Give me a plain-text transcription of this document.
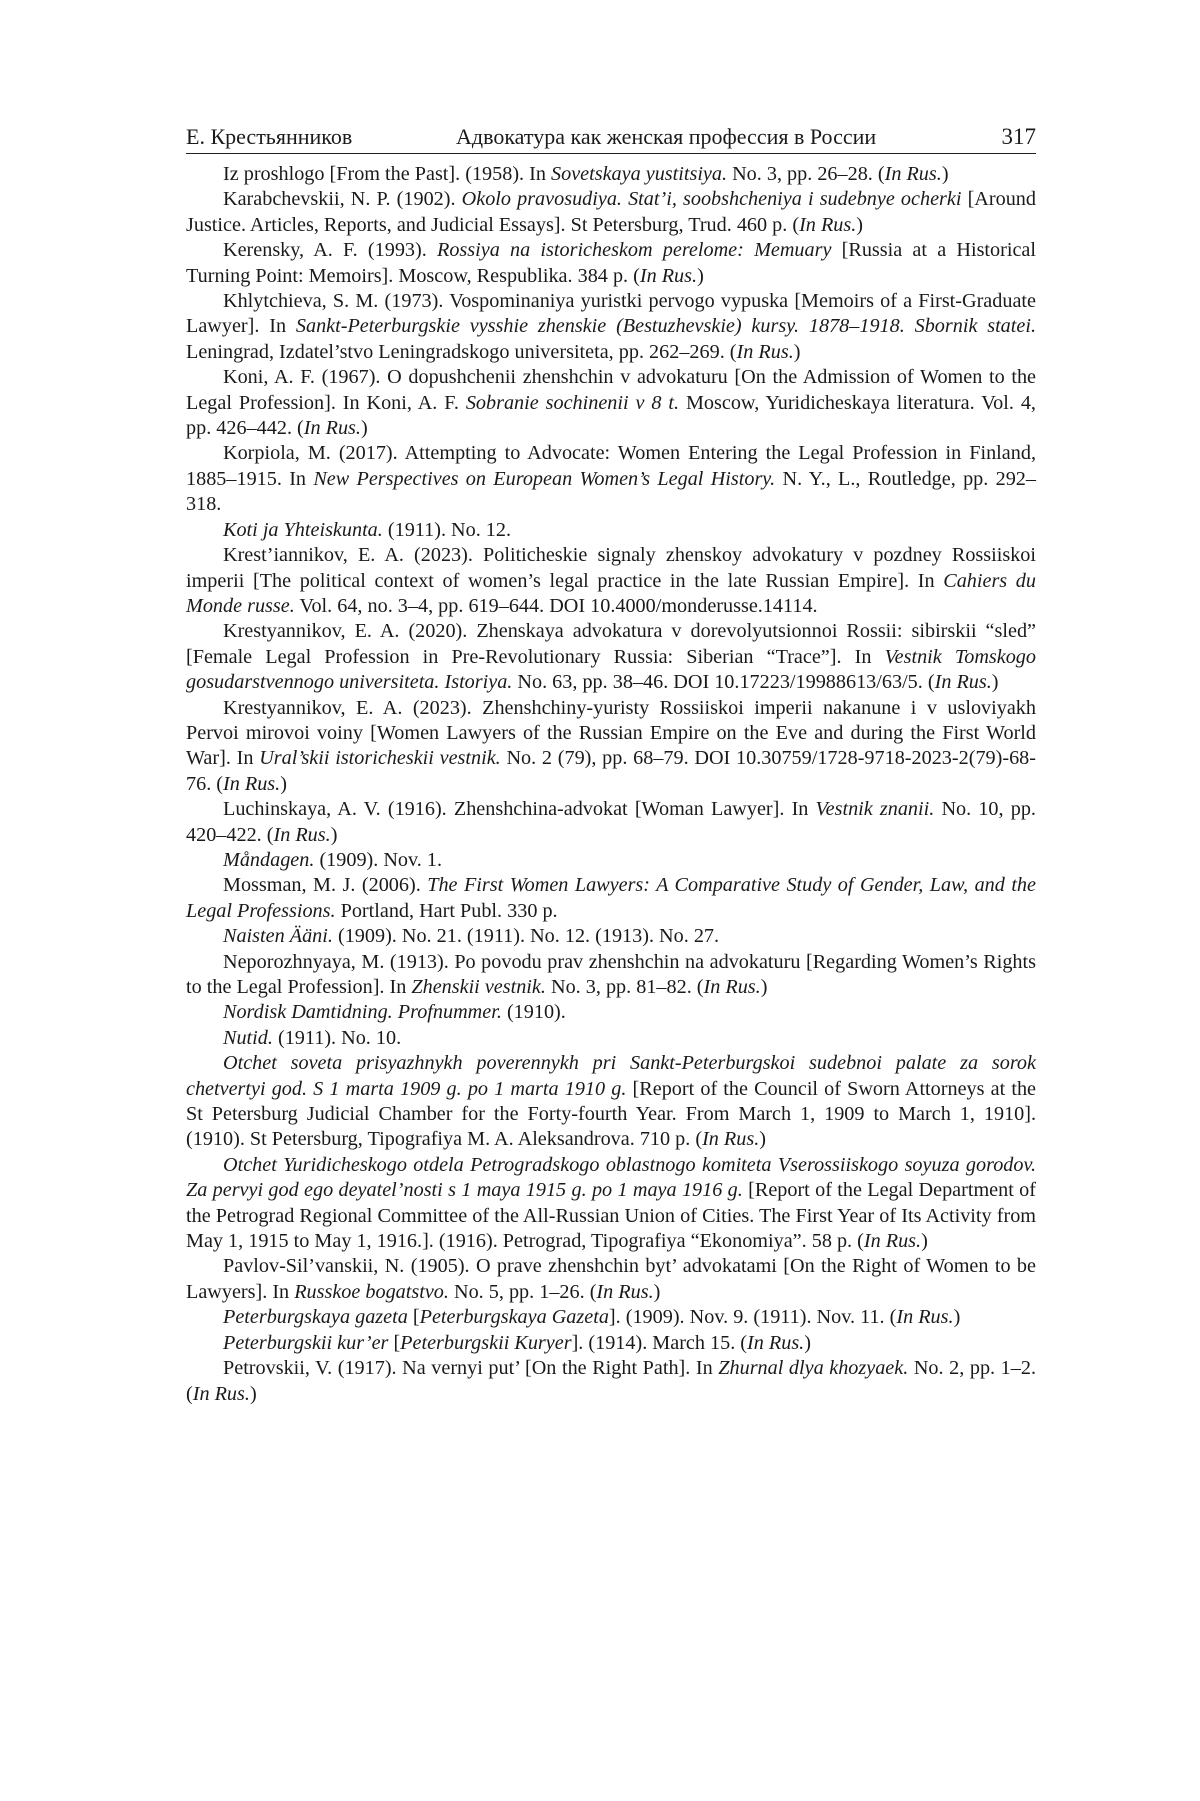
Е. Крестьянников	Адвокатура как женская профессия в России	317

Iz proshlogo [From the Past]. (1958). In Sovetskaya yustitsiya. No. 3, pp. 26–28. (In Rus.)

Karabchevskii, N. P. (1902). Okolo pravosudiya. Stat’i, soobshcheniya i sudebnye ocherki [Around Justice. Articles, Reports, and Judicial Essays]. St Petersburg, Trud. 460 p. (In Rus.)

Kerensky, A. F. (1993). Rossiya na istoricheskom perelome: Memuary [Russia at a Historical Turning Point: Memoirs]. Moscow, Respublika. 384 p. (In Rus.)

Khlytchieva, S. M. (1973). Vospominaniya yuristki pervogo vypuska [Memoirs of a First-Graduate Lawyer]. In Sankt-Peterburgskie vysshie zhenskie (Bestuzhevskie) kursy. 1878–1918. Sbornik statei. Leningrad, Izdatel’stvo Leningradskogo universiteta, pp. 262–269. (In Rus.)

Koni, A. F. (1967). O dopushchenii zhenshchin v advokaturu [On the Admission of Women to the Legal Profession]. In Koni, A. F. Sobranie sochinenii v 8 t. Moscow, Yuridicheskaya literatura. Vol. 4, pp. 426–442. (In Rus.)

Korpiola, M. (2017). Attempting to Advocate: Women Entering the Legal Profession in Finland, 1885–1915. In New Perspectives on European Women’s Legal History. N. Y., L., Routledge, pp. 292–318.

Koti ja Yhteiskunta. (1911). No. 12.

Krest’iannikov, E. A. (2023). Politicheskie signaly zhenskoy advokatury v pozdney Rossiiskoi imperii [The political context of women’s legal practice in the late Russian Empire]. In Cahiers du Monde russe. Vol. 64, no. 3–4, pp. 619–644. DOI 10.4000/monderusse.14114.

Krestyannikov, E. A. (2020). Zhenskaya advokatura v dorevolyutsionnoi Rossii: sibirskii “sled” [Female Legal Profession in Pre-Revolutionary Russia: Siberian “Trace”]. In Vestnik Tomskogo gosudarstvennogo universiteta. Istoriya. No. 63, pp. 38–46. DOI 10.17223/19988613/63/5. (In Rus.)

Krestyannikov, E. A. (2023). Zhenshchiny-yuristy Rossiiskoi imperii nakanune i v usloviyakh Pervoi mirovoi voiny [Women Lawyers of the Russian Empire on the Eve and during the First World War]. In Ural’skii istoricheskii vestnik. No. 2 (79), pp. 68–79. DOI 10.30759/1728-9718-2023-2(79)-68-76. (In Rus.)

Luchinskaya, A. V. (1916). Zhenshchina-advokat [Woman Lawyer]. In Vestnik znanii. No. 10, pp. 420–422. (In Rus.)

Måndagen. (1909). Nov. 1.

Mossman, M. J. (2006). The First Women Lawyers: A Comparative Study of Gender, Law, and the Legal Professions. Portland, Hart Publ. 330 p.

Naisten Ääni. (1909). No. 21. (1911). No. 12. (1913). No. 27.

Neporozhnyaya, M. (1913). Po povodu prav zhenshchin na advokaturu [Regarding Women’s Rights to the Legal Profession]. In Zhenskii vestnik. No. 3, pp. 81–82. (In Rus.)

Nordisk Damtidning. Profnummer. (1910).

Nutid. (1911). No. 10.

Otchet soveta prisyazhnykh poverennykh pri Sankt-Peterburgskoi sudebnoi palate za sorok chetvertyi god. S 1 marta 1909 g. po 1 marta 1910 g. [Report of the Council of Sworn Attorneys at the St Petersburg Judicial Chamber for the Forty-fourth Year. From March 1, 1909 to March 1, 1910]. (1910). St Petersburg, Tipografiya M. A. Aleksandrova. 710 p. (In Rus.)

Otchet Yuridicheskogo otdela Petrogradskogo oblastnogo komiteta Vserossiiskogo soyuza gorodov. Za pervyi god ego deyatel’nosti s 1 maya 1915 g. po 1 maya 1916 g. [Report of the Legal Department of the Petrograd Regional Committee of the All-Russian Union of Cities. The First Year of Its Activity from May 1, 1915 to May 1, 1916.]. (1916). Petrograd, Tipografiya “Ekonomiya”. 58 p. (In Rus.)

Pavlov-Sil’vanskii, N. (1905). O prave zhenshchin byt’ advokatami [On the Right of Women to be Lawyers]. In Russkoe bogatstvo. No. 5, pp. 1–26. (In Rus.)

Peterburgskaya gazeta [Peterburgskaya Gazeta]. (1909). Nov. 9. (1911). Nov. 11. (In Rus.)

Peterburgskii kur’er [Peterburgskii Kuryer]. (1914). March 15. (In Rus.)

Petrovskii, V. (1917). Na vernyi put’ [On the Right Path]. In Zhurnal dlya khozyaek. No. 2, pp. 1–2. (In Rus.)
